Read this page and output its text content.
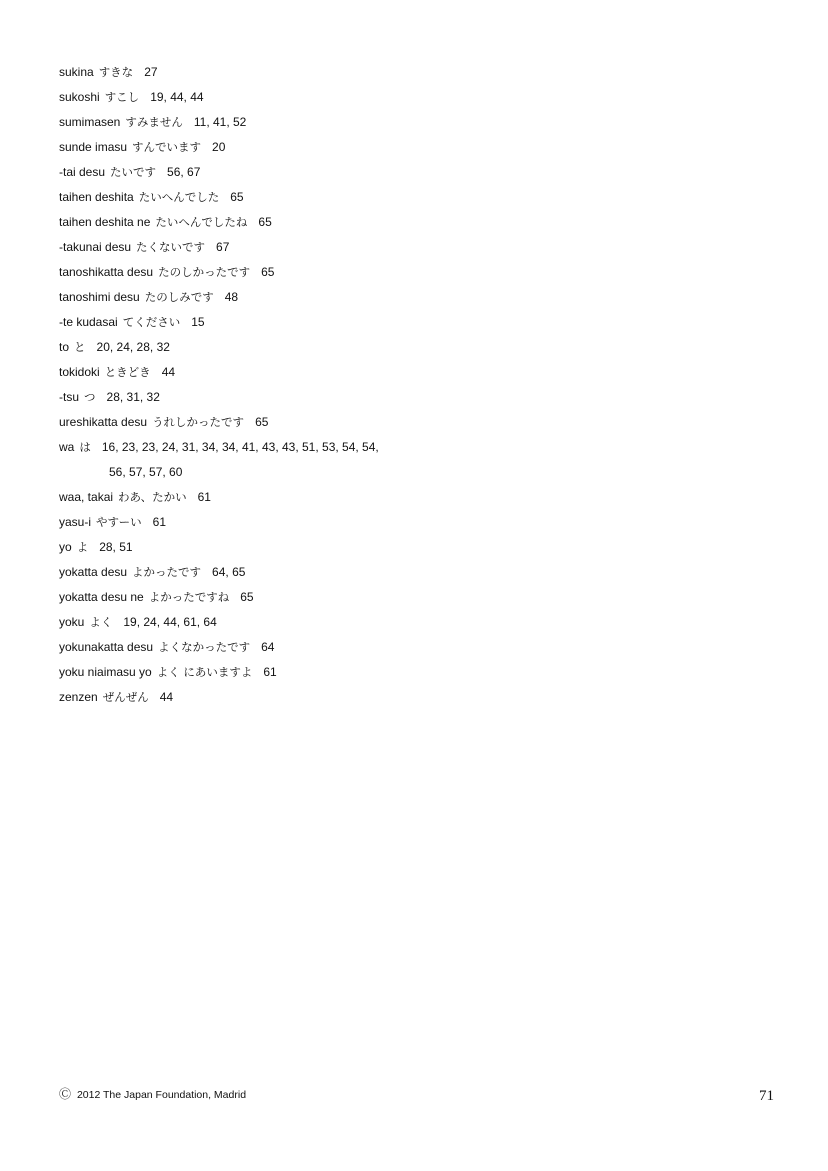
sukina すきな 27
sukoshi すこし 19, 44, 44
sumimasen すみません 11, 41, 52
sunde imasu すんでいます 20
-tai desu たいです 56, 67
taihen deshita たいへんでした 65
taihen deshita ne たいへんでしたね 65
-takunai desu たくないです 67
tanoshikatta desu たのしかったです 65
tanoshimi desu たのしみです 48
-te kudasai てください 15
to と 20, 24, 28, 32
tokidoki ときどき 44
-tsu つ 28, 31, 32
ureshikatta desu うれしかったです 65
wa は 16, 23, 23, 24, 31, 34, 34, 41, 43, 43, 51, 53, 54, 54,
56, 57, 57, 60
waa, takai わあ、たかい 61
yasu-i やすーい 61
yo よ 28, 51
yokatta desu よかったです 64, 65
yokatta desu ne よかったですね 65
yoku よく 19, 24, 44, 61, 64
yokunakatta desu よくなかったです 64
yoku niaimasu yo よく にあいますよ 61
zenzen ぜんぜん 44
Ⓒ 2012 The Japan Foundation, Madrid	71
